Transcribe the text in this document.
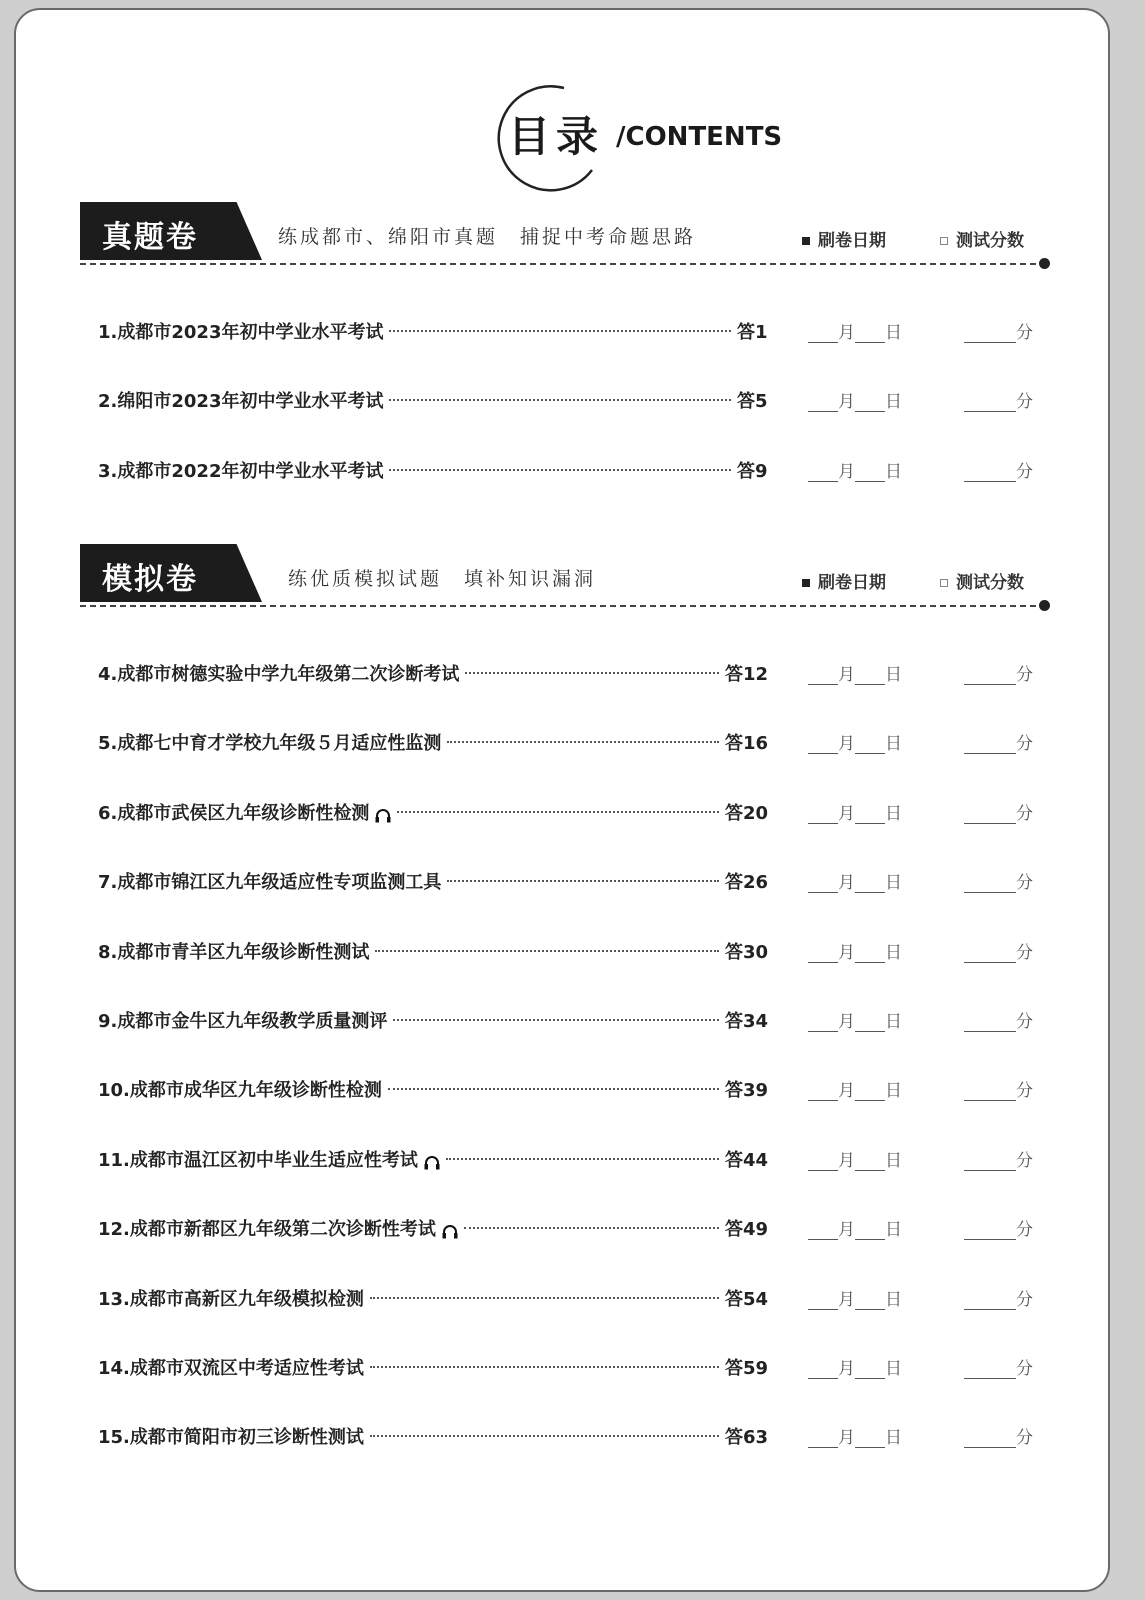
目录 /CONTENTS
真题卷	练成都市、绵阳市真题　捕捉中考命题思路	刷卷日期	测试分数
1.成都市2023年初中学业水平考试	答1	月 日	分
2.绵阳市2023年初中学业水平考试	答5	月 日	分
3.成都市2022年初中学业水平考试	答9	月 日	分
模拟卷	练优质模拟试题　填补知识漏洞	刷卷日期	测试分数
4.成都市树德实验中学九年级第二次诊断考试	答12	月 日	分
5.成都七中育才学校九年级５月适应性监测	答16	月 日	分
6.成都市武侯区九年级诊断性检测	答20	月 日	分
7.成都市锦江区九年级适应性专项监测工具	答26	月 日	分
8.成都市青羊区九年级诊断性测试	答30	月 日	分
9.成都市金牛区九年级教学质量测评	答34	月 日	分
10.成都市成华区九年级诊断性检测	答39	月 日	分
11.成都市温江区初中毕业生适应性考试	答44	月 日	分
12.成都市新都区九年级第二次诊断性考试	答49	月 日	分
13.成都市高新区九年级模拟检测	答54	月 日	分
14.成都市双流区中考适应性考试	答59	月 日	分
15.成都市简阳市初三诊断性测试	答63	月 日	分
